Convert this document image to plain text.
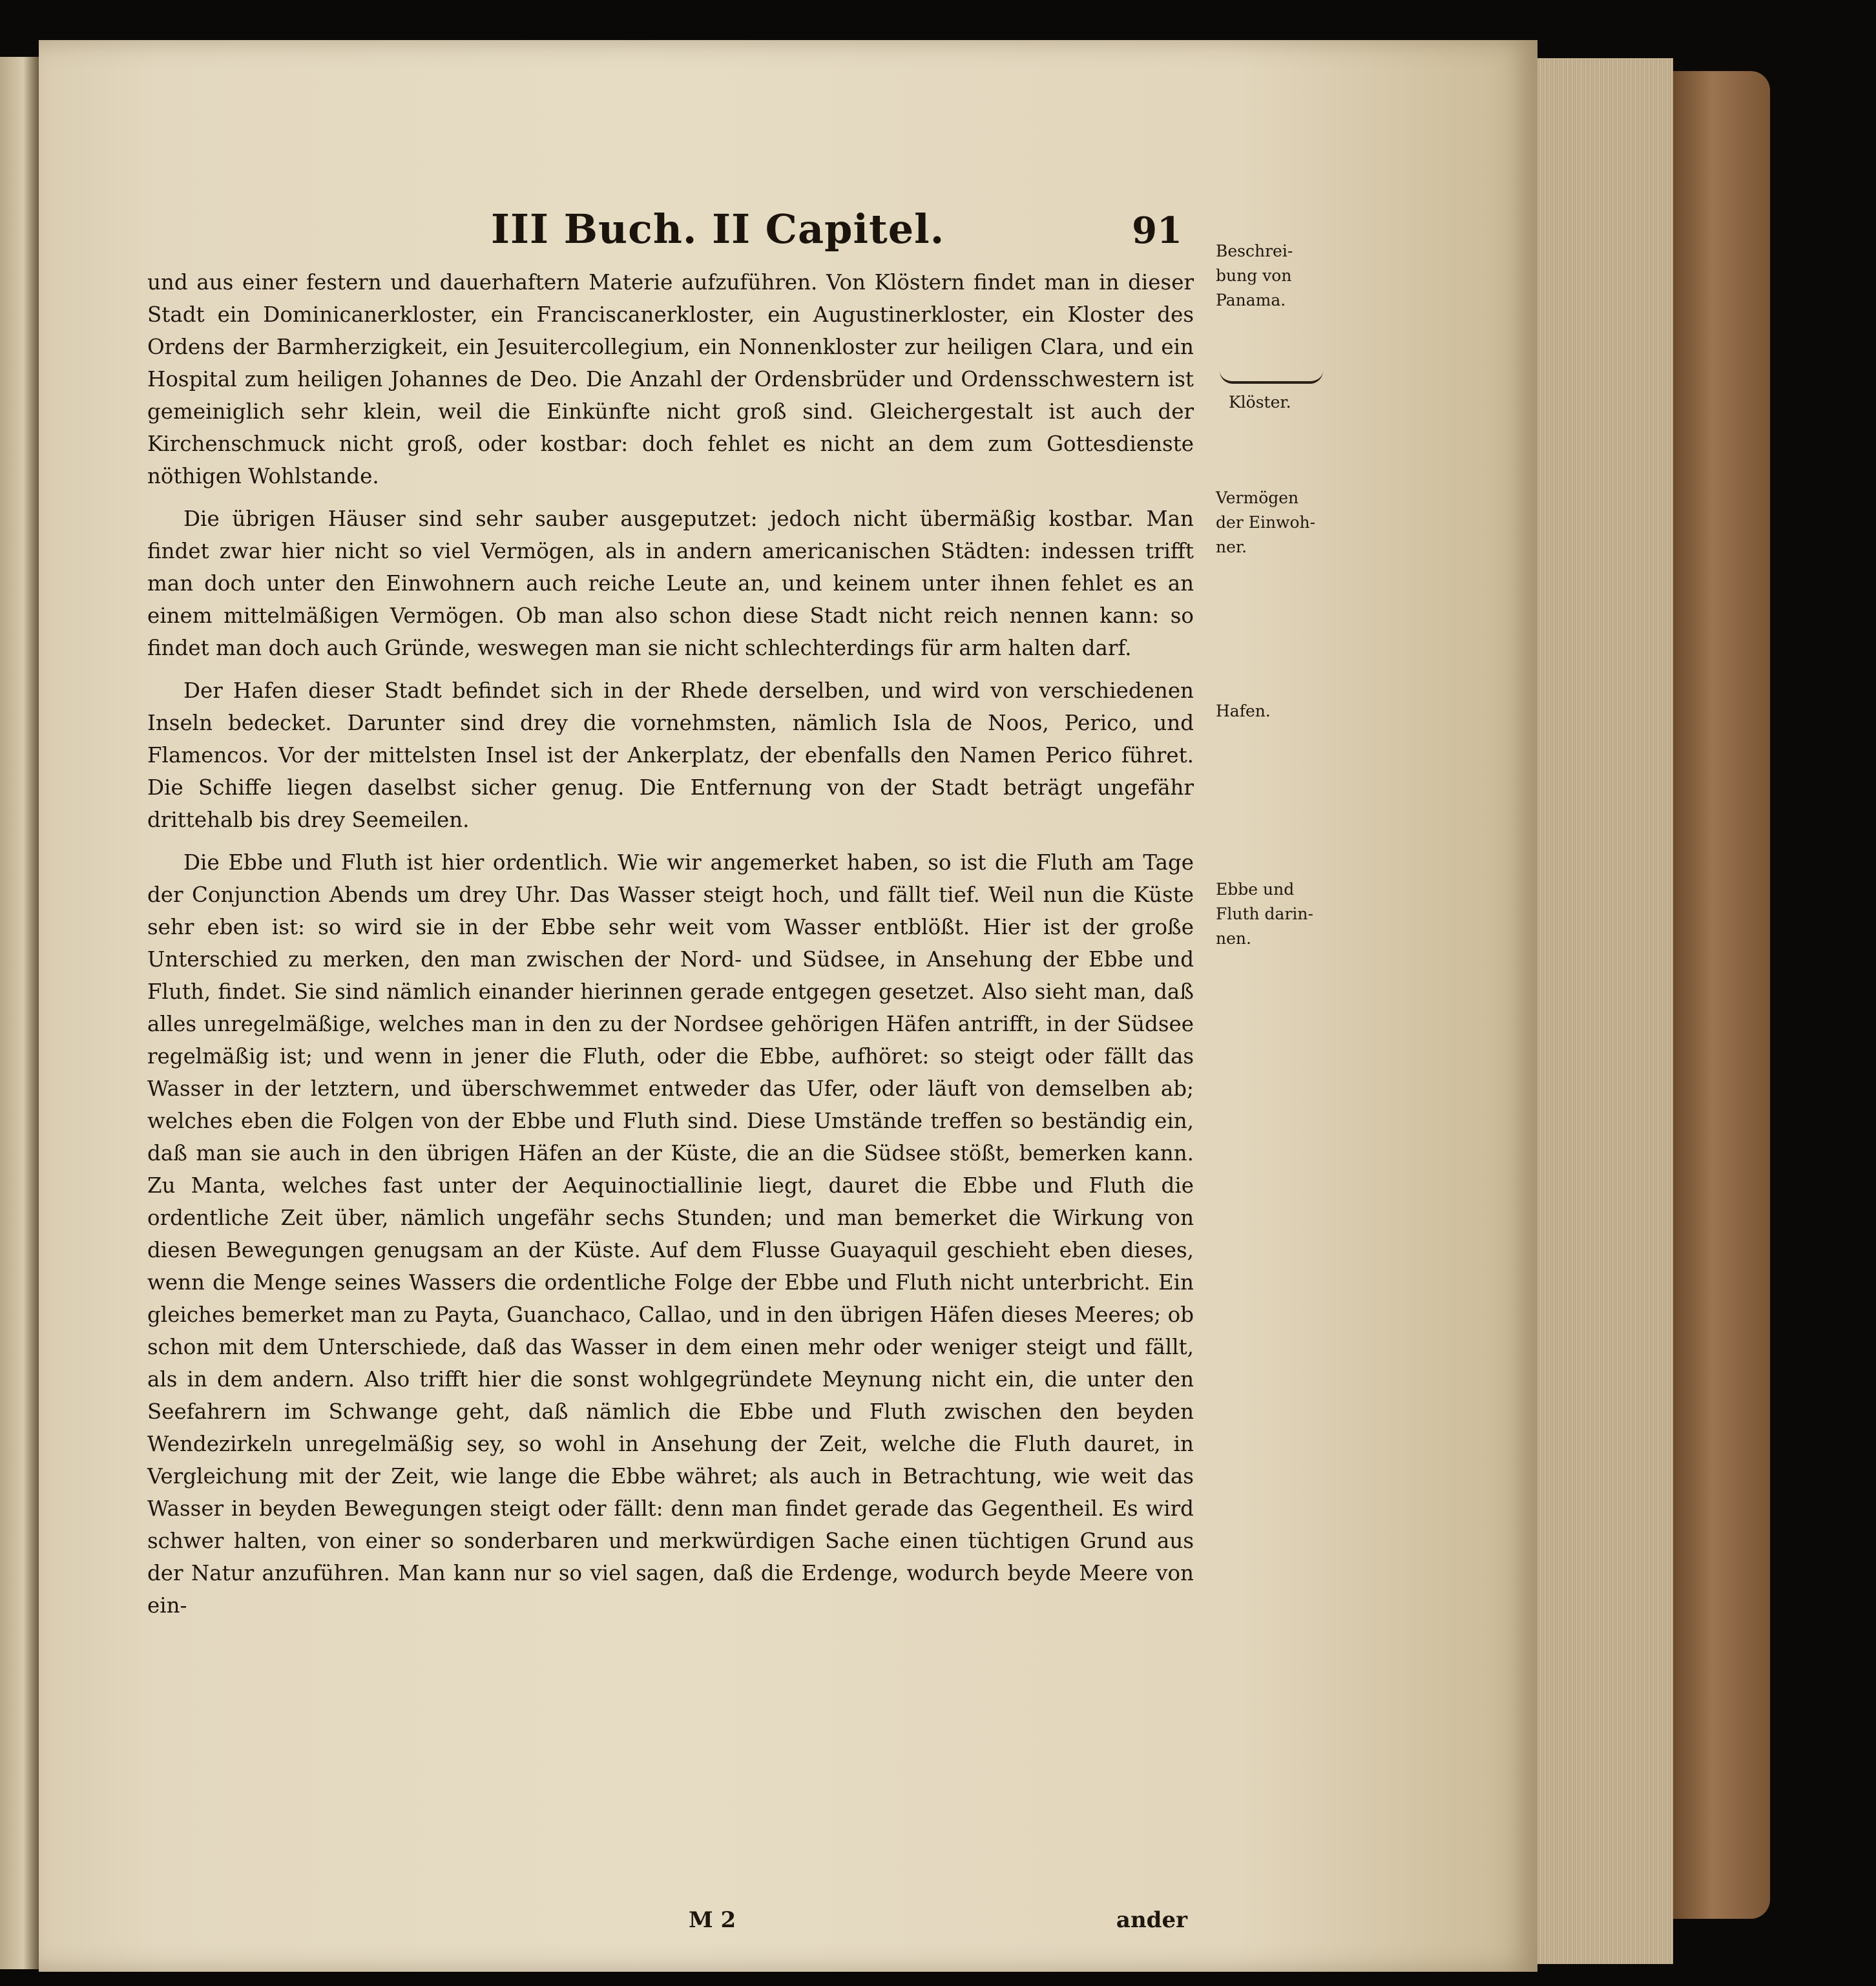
III Buch. II Capitel.	91

und aus einer festern und dauerhaftern Materie aufzuführen. Von Klöstern findet man in dieser Stadt ein Dominicanerkloster, ein Franciscanerkloster, ein Augustinerkloster, ein Kloster des Ordens der Barmherzigkeit, ein Jesuitercollegium, ein Nonnenkloster zur heiligen Clara, und ein Hospital zum heiligen Johannes de Deo. Die Anzahl der Ordensbrüder und Ordensschwestern ist gemeiniglich sehr klein, weil die Einkünfte nicht groß sind. Gleichergestalt ist auch der Kirchenschmuck nicht groß, oder kostbar: doch fehlet es nicht an dem zum Gottesdienste nöthigen Wohlstande.

Die übrigen Häuser sind sehr sauber ausgeputzet: jedoch nicht übermäßig kostbar. Man findet zwar hier nicht so viel Vermögen, als in andern americanischen Städten: indessen trifft man doch unter den Einwohnern auch reiche Leute an, und keinem unter ihnen fehlet es an einem mittelmäßigen Vermögen. Ob man also schon diese Stadt nicht reich nennen kann: so findet man doch auch Gründe, weswegen man sie nicht schlechterdings für arm halten darf.

Der Hafen dieser Stadt befindet sich in der Rhede derselben, und wird von verschiedenen Inseln bedecket. Darunter sind drey die vornehmsten, nämlich Isla de Noos, Perico, und Flamencos. Vor der mittelsten Insel ist der Ankerplatz, der ebenfalls den Namen Perico führet. Die Schiffe liegen daselbst sicher genug. Die Entfernung von der Stadt beträgt ungefähr drittehalb bis drey Seemeilen.

Die Ebbe und Fluth ist hier ordentlich. Wie wir angemerket haben, so ist die Fluth am Tage der Conjunction Abends um drey Uhr. Das Wasser steigt hoch, und fällt tief. Weil nun die Küste sehr eben ist: so wird sie in der Ebbe sehr weit vom Wasser entblößt. Hier ist der große Unterschied zu merken, den man zwischen der Nord- und Südsee, in Ansehung der Ebbe und Fluth, findet. Sie sind nämlich einander hierinnen gerade entgegen gesetzet. Also sieht man, daß alles unregelmäßige, welches man in den zu der Nordsee gehörigen Häfen antrifft, in der Südsee regelmäßig ist; und wenn in jener die Fluth, oder die Ebbe, aufhöret: so steigt oder fällt das Wasser in der letztern, und überschwemmet entweder das Ufer, oder läuft von demselben ab; welches eben die Folgen von der Ebbe und Fluth sind. Diese Umstände treffen so beständig ein, daß man sie auch in den übrigen Häfen an der Küste, die an die Südsee stößt, bemerken kann. Zu Manta, welches fast unter der Aequinoctiallinie liegt, dauret die Ebbe und Fluth die ordentliche Zeit über, nämlich ungefähr sechs Stunden; und man bemerket die Wirkung von diesen Bewegungen genugsam an der Küste. Auf dem Flusse Guayaquil geschieht eben dieses, wenn die Menge seines Wassers die ordentliche Folge der Ebbe und Fluth nicht unterbricht. Ein gleiches bemerket man zu Payta, Guanchaco, Callao, und in den übrigen Häfen dieses Meeres; ob schon mit dem Unterschiede, daß das Wasser in dem einen mehr oder weniger steigt und fällt, als in dem andern. Also trifft hier die sonst wohlgegründete Meynung nicht ein, die unter den Seefahrern im Schwange geht, daß nämlich die Ebbe und Fluth zwischen den beyden Wendezirkeln unregelmäßig sey, so wohl in Ansehung der Zeit, welche die Fluth dauret, in Vergleichung mit der Zeit, wie lange die Ebbe währet; als auch in Betrachtung, wie weit das Wasser in beyden Bewegungen steigt oder fällt: denn man findet gerade das Gegentheil. Es wird schwer halten, von einer so sonderbaren und merkwürdigen Sache einen tüchtigen Grund aus der Natur anzuführen. Man kann nur so viel sagen, daß die Erdenge, wodurch beyde Meere von ein-

Beschrei-
bung von
Panama.
Klöster.
Vermögen
der Einwoh-
ner.
Hafen.
Ebbe und
Fluth darin-
nen.
M 2	ander
